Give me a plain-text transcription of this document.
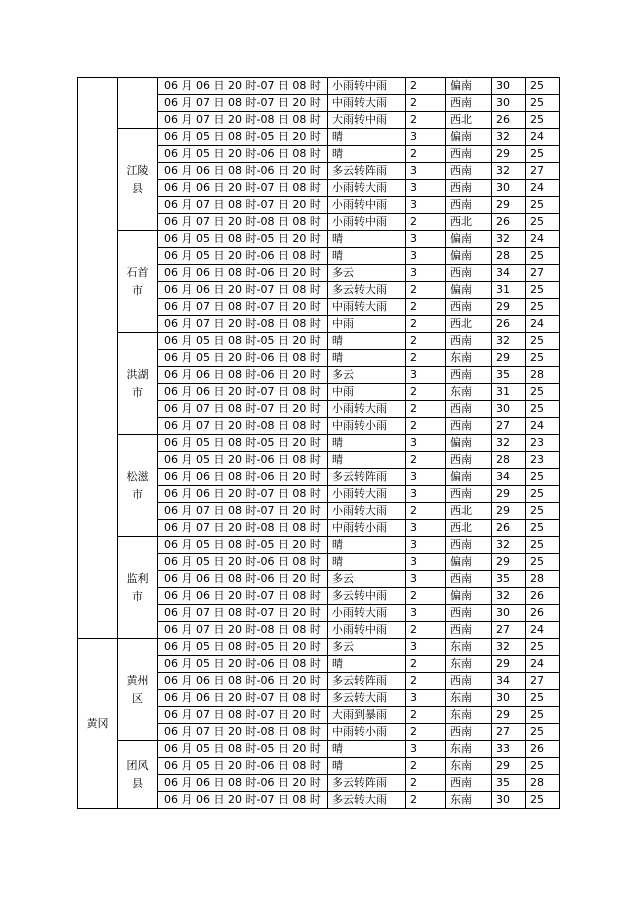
		06 月 06 日 20 时-07 日 08 时	小雨转中雨	2	偏南	30	25
		06 月 07 日 08 时-07 日 20 时	中雨转大雨	2	西南	30	25
		06 月 07 日 20 时-08 日 08 时	大雨转中雨	2	西北	26	25
	江陵县	06 月 05 日 08 时-05 日 20 时	晴	3	偏南	32	24
		06 月 05 日 20 时-06 日 08 时	晴	2	西南	29	25
		06 月 06 日 08 时-06 日 20 时	多云转阵雨	3	西南	32	27
		06 月 06 日 20 时-07 日 08 时	小雨转大雨	3	西南	30	24
		06 月 07 日 08 时-07 日 20 时	小雨转中雨	3	西南	29	25
		06 月 07 日 20 时-08 日 08 时	小雨转中雨	2	西北	26	25
	石首市	06 月 05 日 08 时-05 日 20 时	晴	3	偏南	32	24
		06 月 05 日 20 时-06 日 08 时	晴	3	偏南	28	25
		06 月 06 日 08 时-06 日 20 时	多云	3	西南	34	27
		06 月 06 日 20 时-07 日 08 时	多云转大雨	2	偏南	31	25
		06 月 07 日 08 时-07 日 20 时	中雨转大雨	2	西南	29	25
		06 月 07 日 20 时-08 日 08 时	中雨	2	西北	26	24
	洪湖市	06 月 05 日 08 时-05 日 20 时	晴	2	西南	32	25
		06 月 05 日 20 时-06 日 08 时	晴	2	东南	29	25
		06 月 06 日 08 时-06 日 20 时	多云	3	西南	35	28
		06 月 06 日 20 时-07 日 08 时	中雨	2	东南	31	25
		06 月 07 日 08 时-07 日 20 时	小雨转大雨	2	西南	30	25
		06 月 07 日 20 时-08 日 08 时	中雨转小雨	2	西南	27	24
	松滋市	06 月 05 日 08 时-05 日 20 时	晴	3	偏南	32	23
		06 月 05 日 20 时-06 日 08 时	晴	2	西南	28	23
		06 月 06 日 08 时-06 日 20 时	多云转阵雨	3	偏南	34	25
		06 月 06 日 20 时-07 日 08 时	小雨转大雨	3	西南	29	25
		06 月 07 日 08 时-07 日 20 时	小雨转大雨	2	西北	29	25
		06 月 07 日 20 时-08 日 08 时	中雨转小雨	3	西北	26	25
	监利市	06 月 05 日 08 时-05 日 20 时	晴	3	西南	32	25
		06 月 05 日 20 时-06 日 08 时	晴	3	偏南	29	25
		06 月 06 日 08 时-06 日 20 时	多云	3	西南	35	28
		06 月 06 日 20 时-07 日 08 时	多云转中雨	2	偏南	32	26
		06 月 07 日 08 时-07 日 20 时	小雨转大雨	3	西南	30	26
		06 月 07 日 20 时-08 日 08 时	小雨转中雨	2	西南	27	24
黄冈	黄州区	06 月 05 日 08 时-05 日 20 时	多云	3	东南	32	25
		06 月 05 日 20 时-06 日 08 时	晴	2	东南	29	24
		06 月 06 日 08 时-06 日 20 时	多云转阵雨	2	西南	34	27
		06 月 06 日 20 时-07 日 08 时	多云转大雨	3	东南	30	25
		06 月 07 日 08 时-07 日 20 时	大雨到暴雨	2	东南	29	25
		06 月 07 日 20 时-08 日 08 时	中雨转小雨	2	西南	27	25
	团风县	06 月 05 日 08 时-05 日 20 时	晴	3	东南	33	26
		06 月 05 日 20 时-06 日 08 时	晴	2	东南	29	25
		06 月 06 日 08 时-06 日 20 时	多云转阵雨	2	西南	35	28
		06 月 06 日 20 时-07 日 08 时	多云转大雨	2	东南	30	25
